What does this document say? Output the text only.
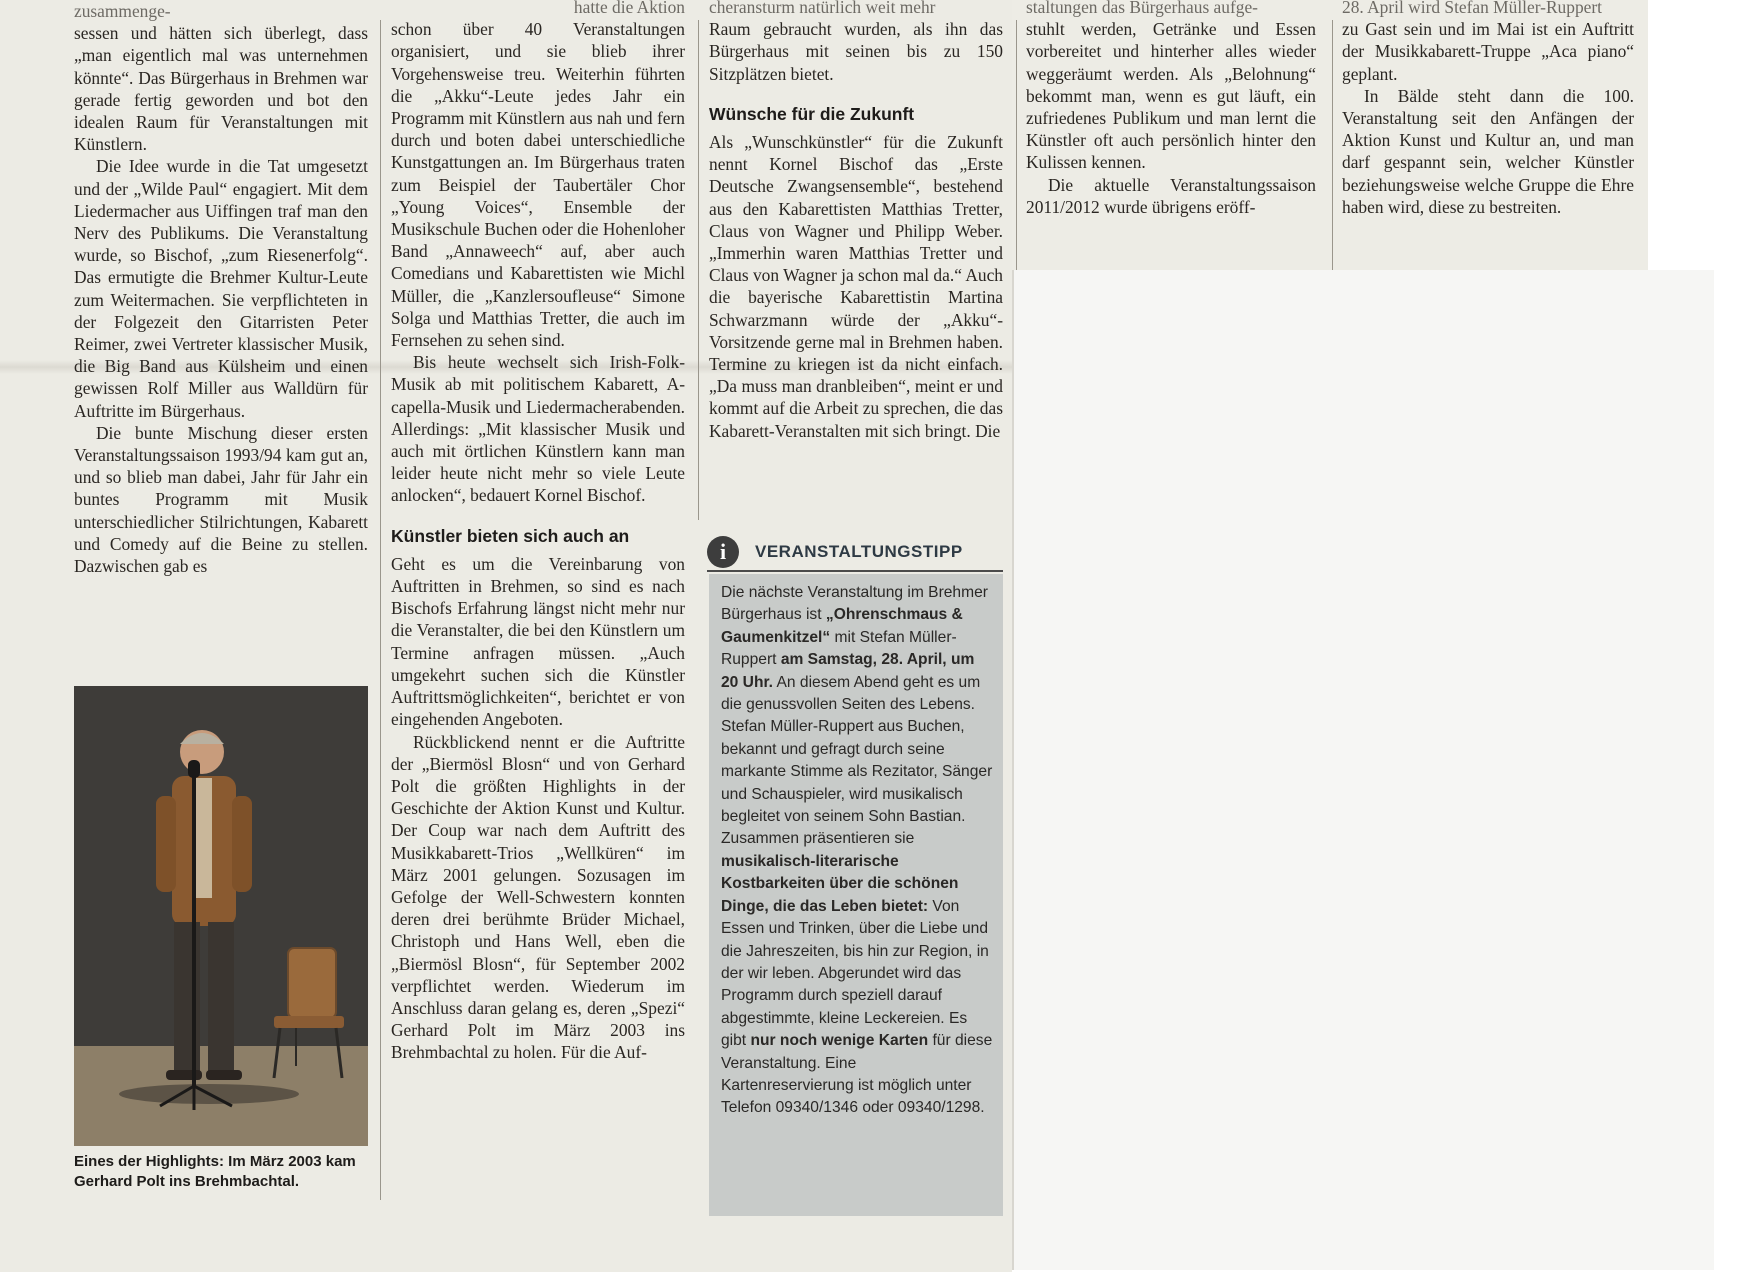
zusammenge-

sessen und hätten sich überlegt, dass „man eigentlich mal was unternehmen könnte“. Das Bürgerhaus in Brehmen war gerade fertig geworden und bot den idealen Raum für Veranstaltungen mit Künstlern.

Die Idee wurde in die Tat umgesetzt und der „Wilde Paul“ engagiert. Mit dem Liedermacher aus Uiffingen traf man den Nerv des Publikums. Die Veranstaltung wurde, so Bischof, „zum Riesenerfolg“. Das ermutigte die Brehmer Kultur-Leute zum Weitermachen. Sie verpflichteten in der Folgezeit den Gitarristen Peter Reimer, zwei Vertreter klassischer Musik, die Big Band aus Külsheim und einen gewissen Rolf Miller aus Walldürn für Auftritte im Bürgerhaus.

Die bunte Mischung dieser ersten Veranstaltungssaison 1993/94 kam gut an, und so blieb man dabei, Jahr für Jahr ein buntes Programm mit Musik unterschiedlicher Stilrichtungen, Kabarett und Comedy auf die Beine zu stellen. Dazwischen gab es

Eines der Highlights: Im März 2003 kam Gerhard Polt ins Brehmbachtal.

hatte die Aktion

schon über 40 Veranstaltungen organisiert, und sie blieb ihrer Vorgehensweise treu. Weiterhin führten die „Akku“-Leute jedes Jahr ein Programm mit Künstlern aus nah und fern durch und boten dabei unterschiedliche Kunstgattungen an. Im Bürgerhaus traten zum Beispiel der Taubertäler Chor „Young Voices“, Ensemble der Musikschule Buchen oder die Hohenloher Band „Annaweech“ auf, aber auch Comedians und Kabarettisten wie Michl Müller, die „Kanzlersoufleuse“ Simone Solga und Matthias Tretter, die auch im Fernsehen zu sehen sind.

Bis heute wechselt sich Irish-Folk-Musik ab mit politischem Kabarett, A-capella-Musik und Liedermacherabenden. Allerdings: „Mit klassischer Musik und auch mit örtlichen Künstlern kann man leider heute nicht mehr so viele Leute anlocken“, bedauert Kornel Bischof.

Künstler bieten sich auch an

Geht es um die Vereinbarung von Auftritten in Brehmen, so sind es nach Bischofs Erfahrung längst nicht mehr nur die Veranstalter, die bei den Künstlern um Termine anfragen müssen. „Auch umgekehrt suchen sich die Künstler Auftrittsmöglichkeiten“, berichtet er von eingehenden Angeboten.

Rückblickend nennt er die Auftritte der „Biermösl Blosn“ und von Gerhard Polt die größten Highlights in der Geschichte der Aktion Kunst und Kultur. Der Coup war nach dem Auftritt des Musikkabarett-Trios „Wellküren“ im März 2001 gelungen. Sozusagen im Gefolge der Well-Schwestern konnten deren drei berühmte Brüder Michael, Christoph und Hans Well, eben die „Biermösl Blosn“, für September 2002 verpflichtet werden. Wiederum im Anschluss daran gelang es, deren „Spezi“ Gerhard Polt im März 2003 ins Brehmbachtal zu holen. Für die Auf-

cheransturm natürlich weit mehr

Raum gebraucht wurden, als ihn das Bürgerhaus mit seinen bis zu 150 Sitzplätzen bietet.

Wünsche für die Zukunft

Als „Wunschkünstler“ für die Zukunft nennt Kornel Bischof das „Erste Deutsche Zwangsensemble“, bestehend aus den Kabarettisten Matthias Tretter, Claus von Wagner und Philipp Weber. „Immerhin waren Matthias Tretter und Claus von Wagner ja schon mal da.“ Auch die bayerische Kabarettistin Martina Schwarzmann würde der „Akku“-Vorsitzende gerne mal in Brehmen haben. Termine zu kriegen ist da nicht einfach. „Da muss man dranbleiben“, meint er und kommt auf die Arbeit zu sprechen, die das Kabarett-Veranstalten mit sich bringt. Die

i	VERANSTALTUNGSTIPP
Die nächste Veranstaltung im Brehmer Bürgerhaus ist „Ohrenschmaus & Gaumenkitzel“ mit Stefan Müller-Ruppert am Samstag, 28. April, um 20 Uhr. An diesem Abend geht es um die genussvollen Seiten des Lebens. Stefan Müller-Ruppert aus Buchen, bekannt und gefragt durch seine markante Stimme als Rezitator, Sänger und Schauspieler, wird musikalisch begleitet von seinem Sohn Bastian. Zusammen präsentieren sie musikalisch-literarische Kostbarkeiten über die schönen Dinge, die das Leben bietet: Von Essen und Trinken, über die Liebe und die Jahreszeiten, bis hin zur Region, in der wir leben. Abgerundet wird das Programm durch speziell darauf abgestimmte, kleine Leckereien. Es gibt nur noch wenige Karten für diese Veranstaltung. Eine Kartenreservierung ist möglich unter Telefon 09340/1346 oder 09340/1298.

staltungen das Bürgerhaus aufge-

stuhlt werden, Getränke und Essen vorbereitet und hinterher alles wieder weggeräumt werden. Als „Belohnung“ bekommt man, wenn es gut läuft, ein zufriedenes Publikum und man lernt die Künstler oft auch persönlich hinter den Kulissen kennen.

Die aktuelle Veranstaltungssaison 2011/2012 wurde übrigens eröff-

28. April wird Stefan Müller-Ruppert

zu Gast sein und im Mai ist ein Auftritt der Musikkabarett-Truppe „Aca piano“ geplant.

In Bälde steht dann die 100. Veranstaltung seit den Anfängen der Aktion Kunst und Kultur an, und man darf gespannt sein, welcher Künstler beziehungsweise welche Gruppe die Ehre haben wird, diese zu bestreiten.
